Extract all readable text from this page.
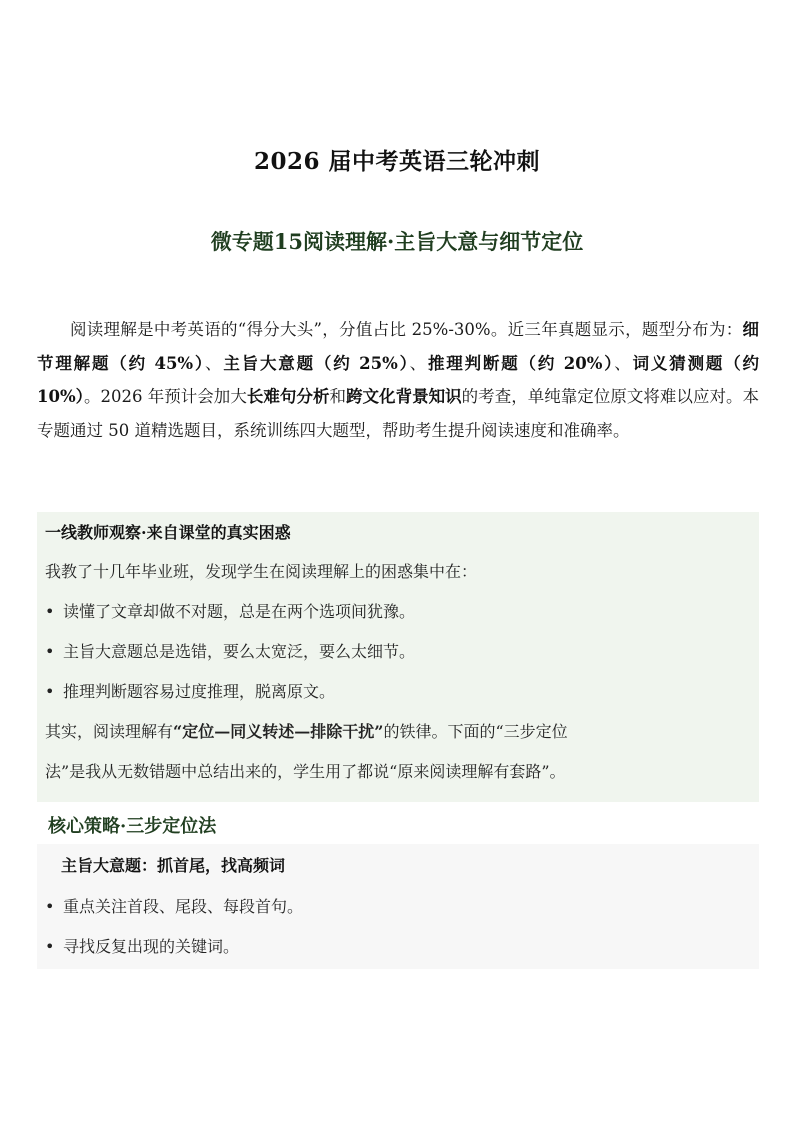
2026 届中考英语三轮冲刺
微专题15阅读理解·主旨大意与细节定位

阅读理解是中考英语的“得分大头”，分值占比 25%-30%。近三年真题显示，题型分布为：细节理解题（约 45%）、主旨大意题（约 25%）、推理判断题（约 20%）、词义猜测题（约 10%）。2026 年预计会加大长难句分析和跨文化背景知识的考查，单纯靠定位原文将难以应对。本专题通过 50 道精选题目，系统训练四大题型，帮助考生提升阅读速度和准确率。

一线教师观察·来自课堂的真实困惑

我教了十几年毕业班，发现学生在阅读理解上的困惑集中在：

• 读懂了文章却做不对题，总是在两个选项间犹豫。

• 主旨大意题总是选错，要么太宽泛，要么太细节。

• 推理判断题容易过度推理，脱离原文。

其实，阅读理解有“定位—同义转述—排除干扰”的铁律。下面的“三步定位

法”是我从无数错题中总结出来的，学生用了都说“原来阅读理解有套路”。

核心策略·三步定位法
主旨大意题：抓首尾，找高频词

• 重点关注首段、尾段、每段首句。

• 寻找反复出现的关键词。
